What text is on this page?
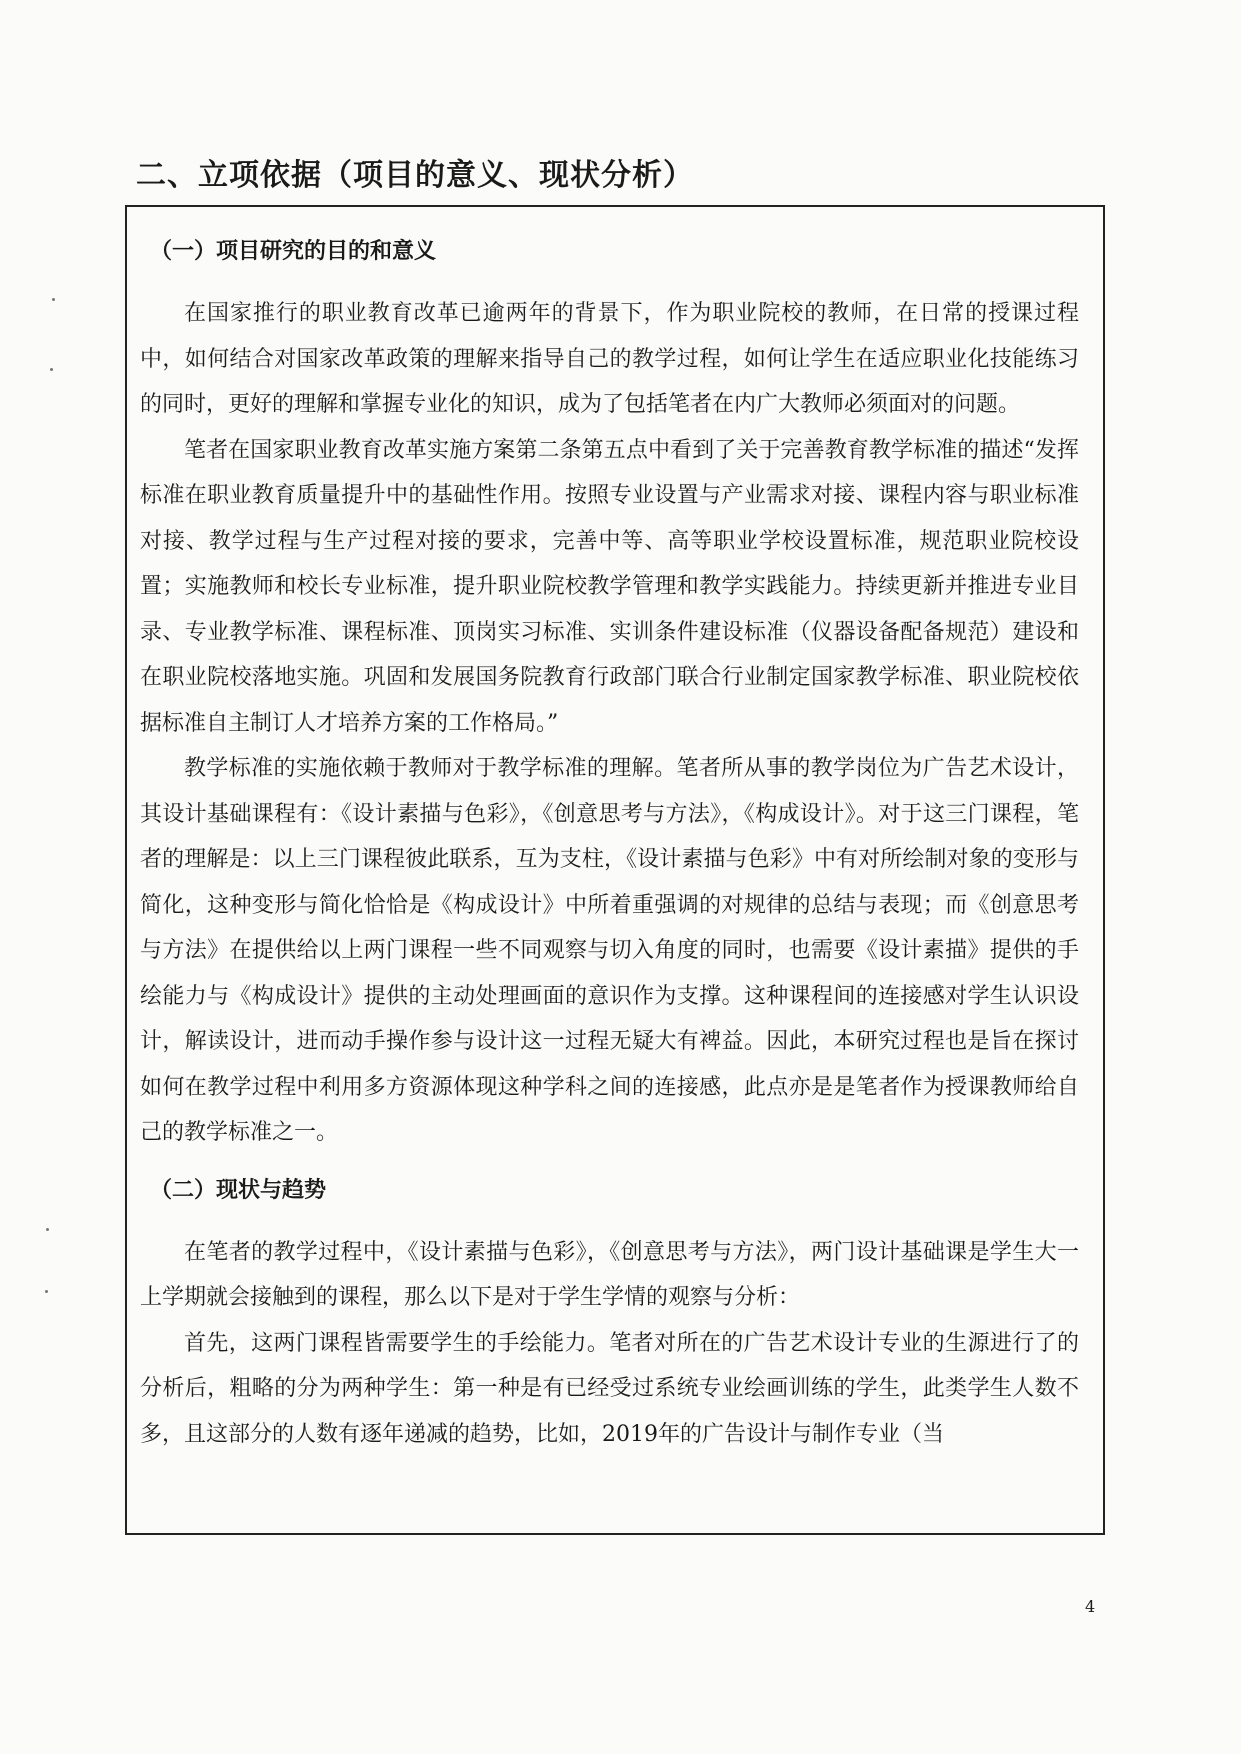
二、立项依据（项目的意义、现状分析）
（一）项目研究的目的和意义

在国家推行的职业教育改革已逾两年的背景下，作为职业院校的教师，在日常的授课过程中，如何结合对国家改革政策的理解来指导自己的教学过程，如何让学生在适应职业化技能练习的同时，更好的理解和掌握专业化的知识，成为了包括笔者在内广大教师必须面对的问题。

笔者在国家职业教育改革实施方案第二条第五点中看到了关于完善教育教学标准的描述“发挥标准在职业教育质量提升中的基础性作用。按照专业设置与产业需求对接、课程内容与职业标准对接、教学过程与生产过程对接的要求，完善中等、高等职业学校设置标准，规范职业院校设置；实施教师和校长专业标准，提升职业院校教学管理和教学实践能力。持续更新并推进专业目录、专业教学标准、课程标准、顶岗实习标准、实训条件建设标准（仪器设备配备规范）建设和在职业院校落地实施。巩固和发展国务院教育行政部门联合行业制定国家教学标准、职业院校依据标准自主制订人才培养方案的工作格局。”

教学标准的实施依赖于教师对于教学标准的理解。笔者所从事的教学岗位为广告艺术设计，其设计基础课程有：《设计素描与色彩》，《创意思考与方法》，《构成设计》。对于这三门课程，笔者的理解是：以上三门课程彼此联系，互为支柱，《设计素描与色彩》中有对所绘制对象的变形与简化，这种变形与简化恰恰是《构成设计》中所着重强调的对规律的总结与表现；而《创意思考与方法》在提供给以上两门课程一些不同观察与切入角度的同时，也需要《设计素描》提供的手绘能力与《构成设计》提供的主动处理画面的意识作为支撑。这种课程间的连接感对学生认识设计，解读设计，进而动手操作参与设计这一过程无疑大有裨益。因此，本研究过程也是旨在探讨如何在教学过程中利用多方资源体现这种学科之间的连接感，此点亦是是笔者作为授课教师给自己的教学标准之一。

（二）现状与趋势

在笔者的教学过程中，《设计素描与色彩》，《创意思考与方法》，两门设计基础课是学生大一上学期就会接触到的课程，那么以下是对于学生学情的观察与分析：

首先，这两门课程皆需要学生的手绘能力。笔者对所在的广告艺术设计专业的生源进行了的分析后，粗略的分为两种学生：第一种是有已经受过系统专业绘画训练的学生，此类学生人数不多，且这部分的人数有逐年递减的趋势，比如，2019年的广告设计与制作专业（当

4
